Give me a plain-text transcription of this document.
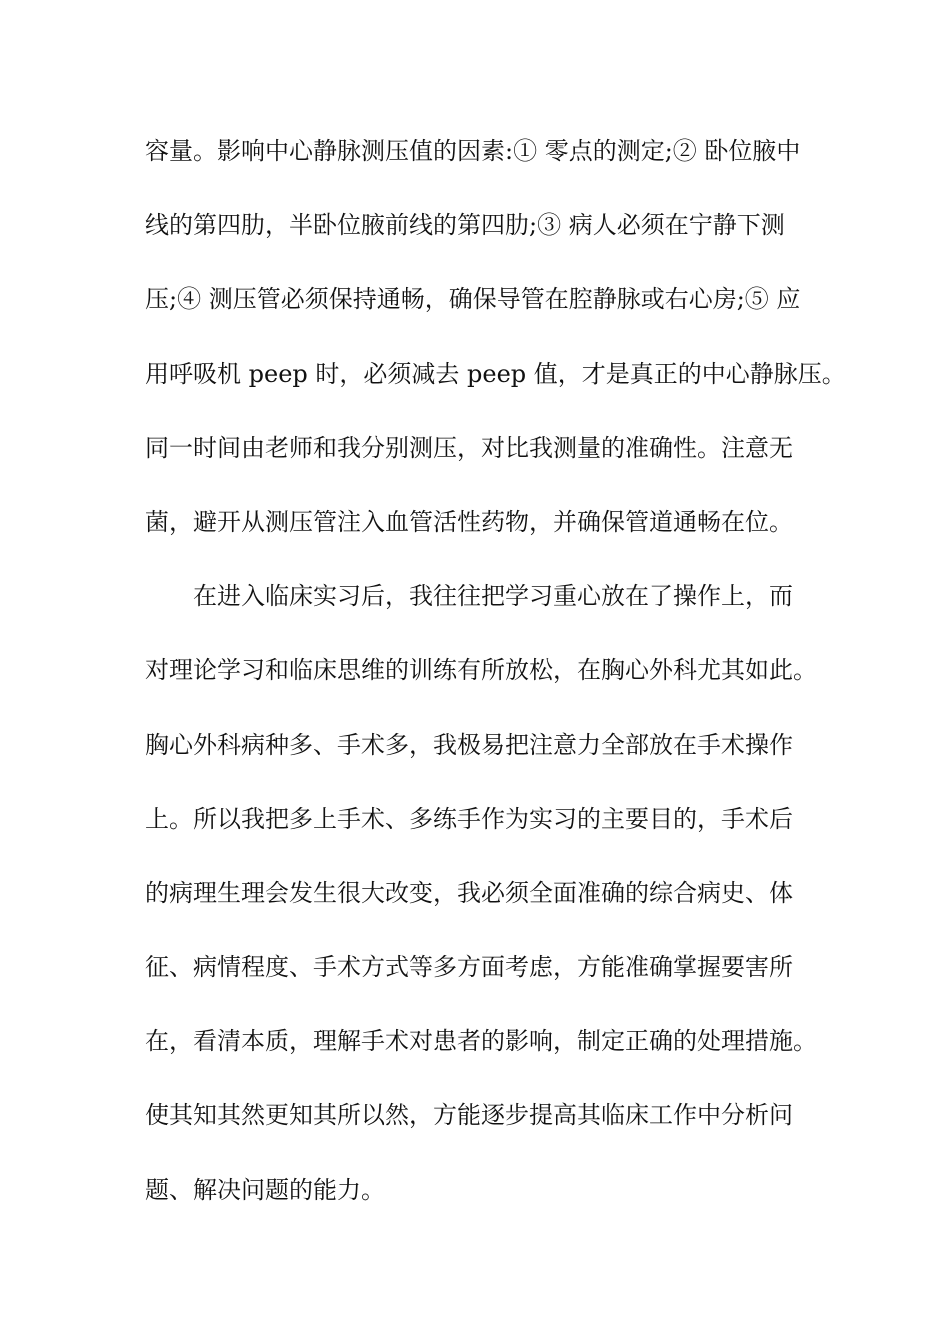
容量。影响中心静脉测压值的因素:① 零点的测定;② 卧位腋中
线的第四肋，半卧位腋前线的第四肋;③ 病人必须在宁静下测
压;④ 测压管必须保持通畅，确保导管在腔静脉或右心房;⑤ 应
用呼吸机 peep 时，必须减去 peep 值，才是真正的中心静脉压。
同一时间由老师和我分别测压，对比我测量的准确性。注意无
菌，避开从测压管注入血管活性药物，并确保管道通畅在位。
在进入临床实习后，我往往把学习重心放在了操作上，而
对理论学习和临床思维的训练有所放松，在胸心外科尤其如此。
胸心外科病种多、手术多，我极易把注意力全部放在手术操作
上。所以我把多上手术、多练手作为实习的主要目的，手术后
的病理生理会发生很大改变，我必须全面准确的综合病史、体
征、病情程度、手术方式等多方面考虑，方能准确掌握要害所
在，看清本质，理解手术对患者的影响，制定正确的处理措施。
使其知其然更知其所以然，方能逐步提高其临床工作中分析问
题、解决问题的能力。
